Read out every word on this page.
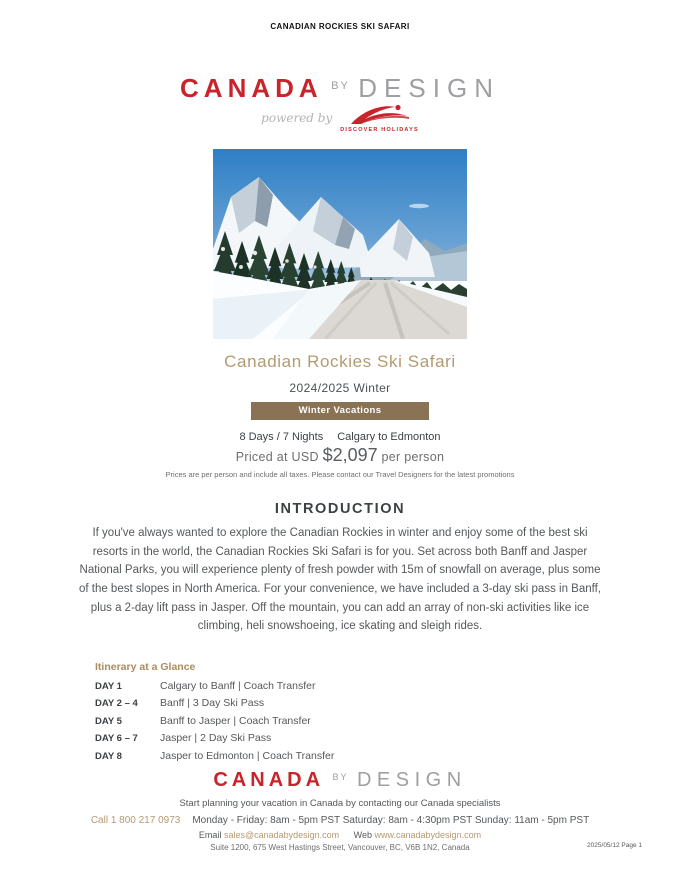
CANADIAN ROCKIES SKI SAFARI
CANADA $^{BY}$ DESIGN
powered by
DISCOVER HOLIDAYS
Canadian Rockies Ski Safari
2024/2025 Winter
Winter Vacations
8 Days / 7 Nights Calgary to Edmonton
Priced at USD $2,097 per person
Prices are per person and include all taxes. Please contact our Travel Designers for the latest promotions
INTRODUCTION

If you've always wanted to explore the Canadian Rockies in winter and enjoy some of the best ski resorts in the world, the Canadian Rockies Ski Safari is for you. Set across both Banff and Jasper National Parks, you will experience plenty of fresh powder with 15m of snowfall on average, plus some of the best slopes in North America. For your convenience, we have included a 3-day ski pass in Banff, plus a 2-day lift pass in Jasper. Off the mountain, you can add an array of non-ski activities like ice climbing, heli snowshoeing, ice skating and sleigh rides.

Itinerary at a Glance
DAY 1	Calgary to Banff | Coach Transfer
DAY 2 – 4	Banff | 3 Day Ski Pass
DAY 5	Banff to Jasper | Coach Transfer
DAY 6 – 7	Jasper | 2 Day Ski Pass
DAY 8	Jasper to Edmonton | Coach Transfer
CANADA $^{BY}$ DESIGN
Start planning your vacation in Canada by contacting our Canada specialists
Call 1 800 217 0973 Monday - Friday: 8am - 5pm PST Saturday: 8am - 4:30pm PST Sunday: 11am - 5pm PST
Email sales@canadabydesign.com Web www.canadabydesign.com
Suite 1200, 675 West Hastings Street, Vancouver, BC, V6B 1N2, Canada	2025/05/12 Page 1
